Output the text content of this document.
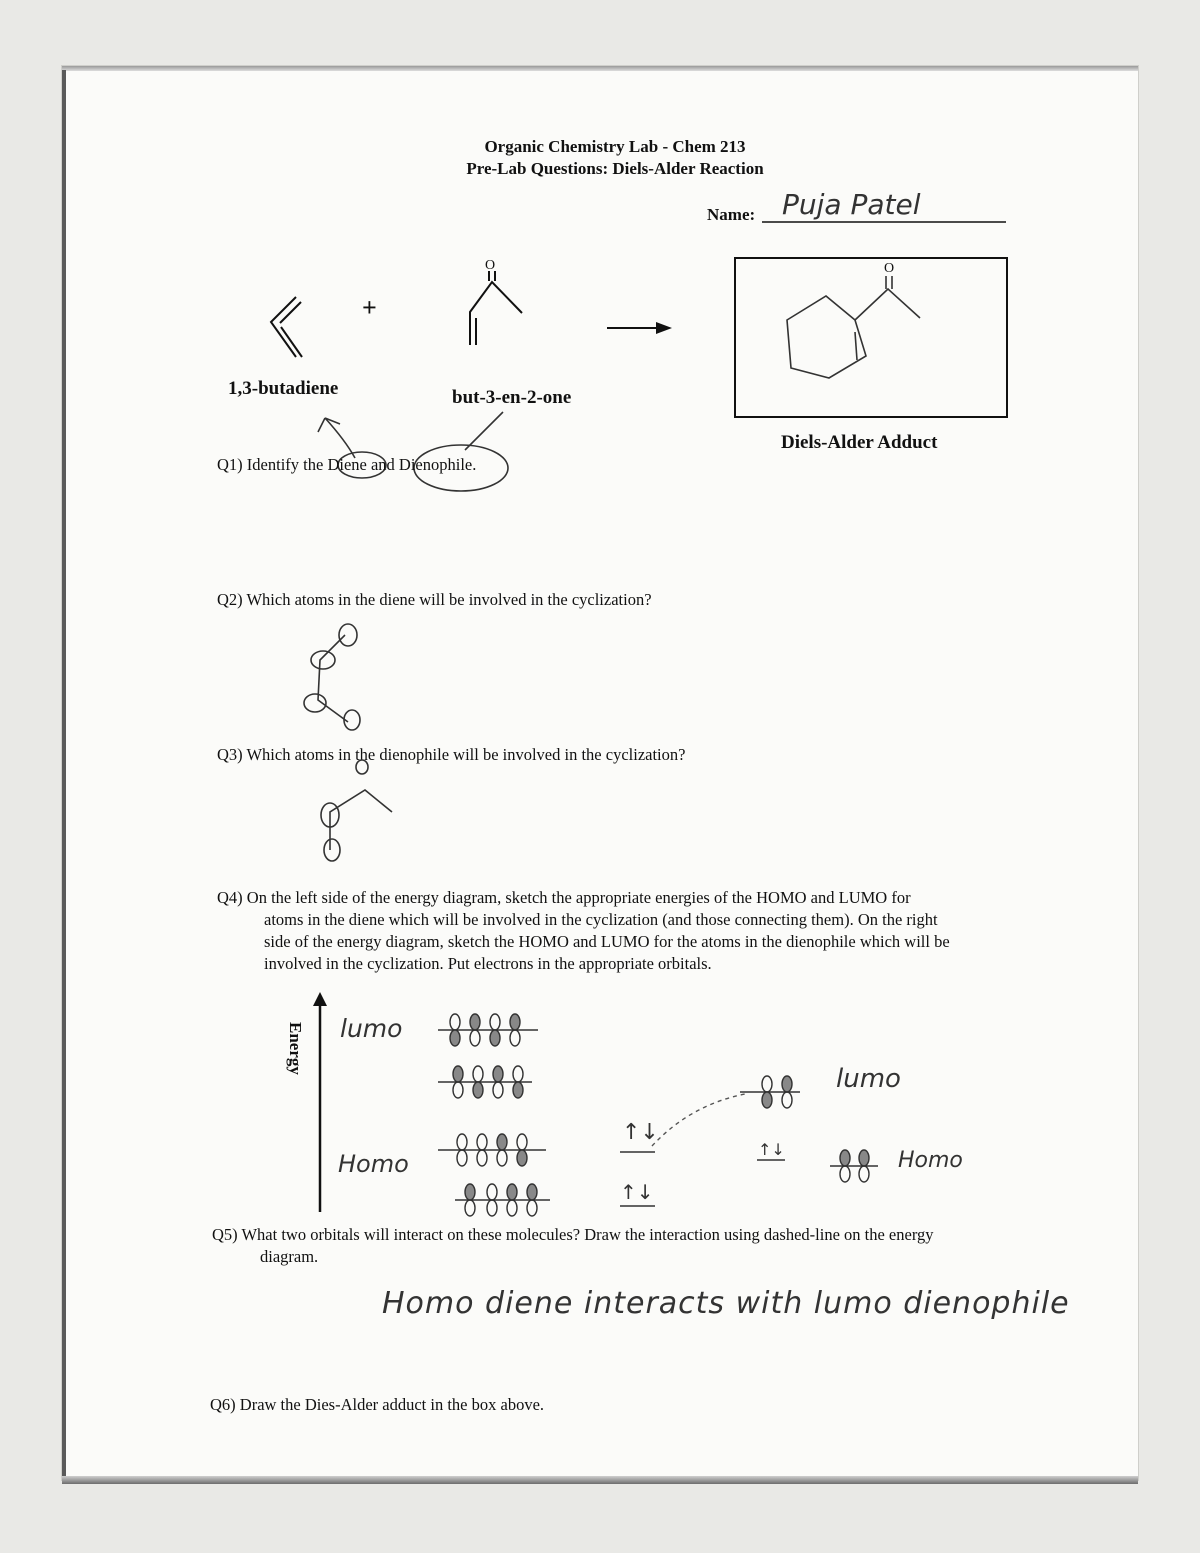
Organic Chemistry Lab - Chem 213
Pre-Lab Questions: Diels-Alder Reaction
Name: Puja Patel
+
O	O
1,3-butadiene	but-3-en-2-one
Diels-Alder Adduct
Q1) Identify the Diene and Dienophile.
Q2) Which atoms in the diene will be involved in the cyclization?
Q3) Which atoms in the dienophile will be involved in the cyclization?
Q4) On the left side of the energy diagram, sketch the appropriate energies of the HOMO and LUMO for
atoms in the diene which will be involved in the cyclization (and those connecting them). On the right
side of the energy diagram, sketch the HOMO and LUMO for the atoms in the dienophile which will be
involved in the cyclization. Put electrons in the appropriate orbitals.
Energy lumo
Homo
lumo
Homo
↑↓
↑↓
↑↓
Q5) What two orbitals will interact on these molecules? Draw the interaction using dashed-line on the energy
diagram.
Homo diene interacts with lumo dienophile
Q6) Draw the Dies-Alder adduct in the box above.
